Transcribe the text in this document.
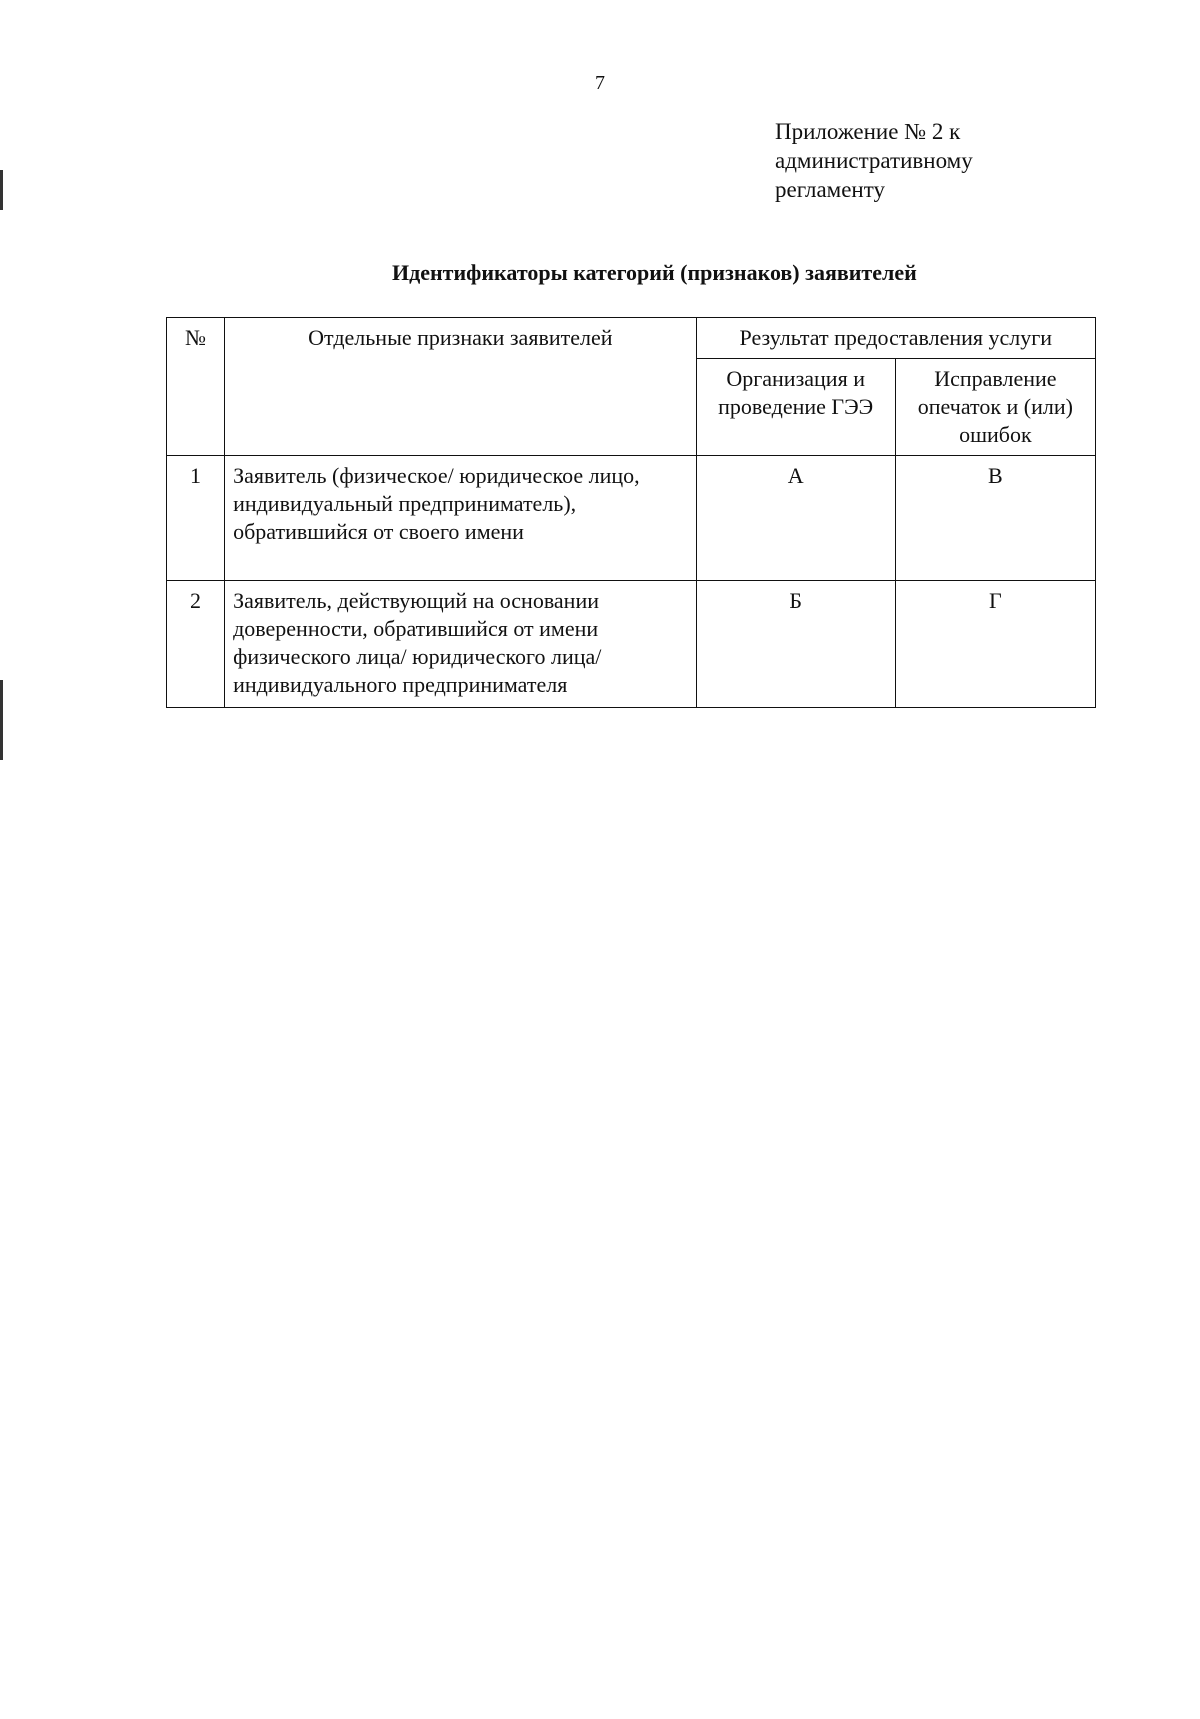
7
Приложение № 2 к
административному
регламенту
Идентификаторы категорий (признаков) заявителей
№	Отдельные признаки заявителей	Результат предоставления услуги	
		Организация и проведение ГЭЭ	Исправление опечаток и (или) ошибок
1	Заявитель (физическое/ юридическое лицо, индивидуальный предприниматель), обратившийся от своего имени	А	В
2	Заявитель, действующий на основании доверенности, обратившийся от имени физического лица/ юридического лица/ индивидуального предпринимателя	Б	Г
